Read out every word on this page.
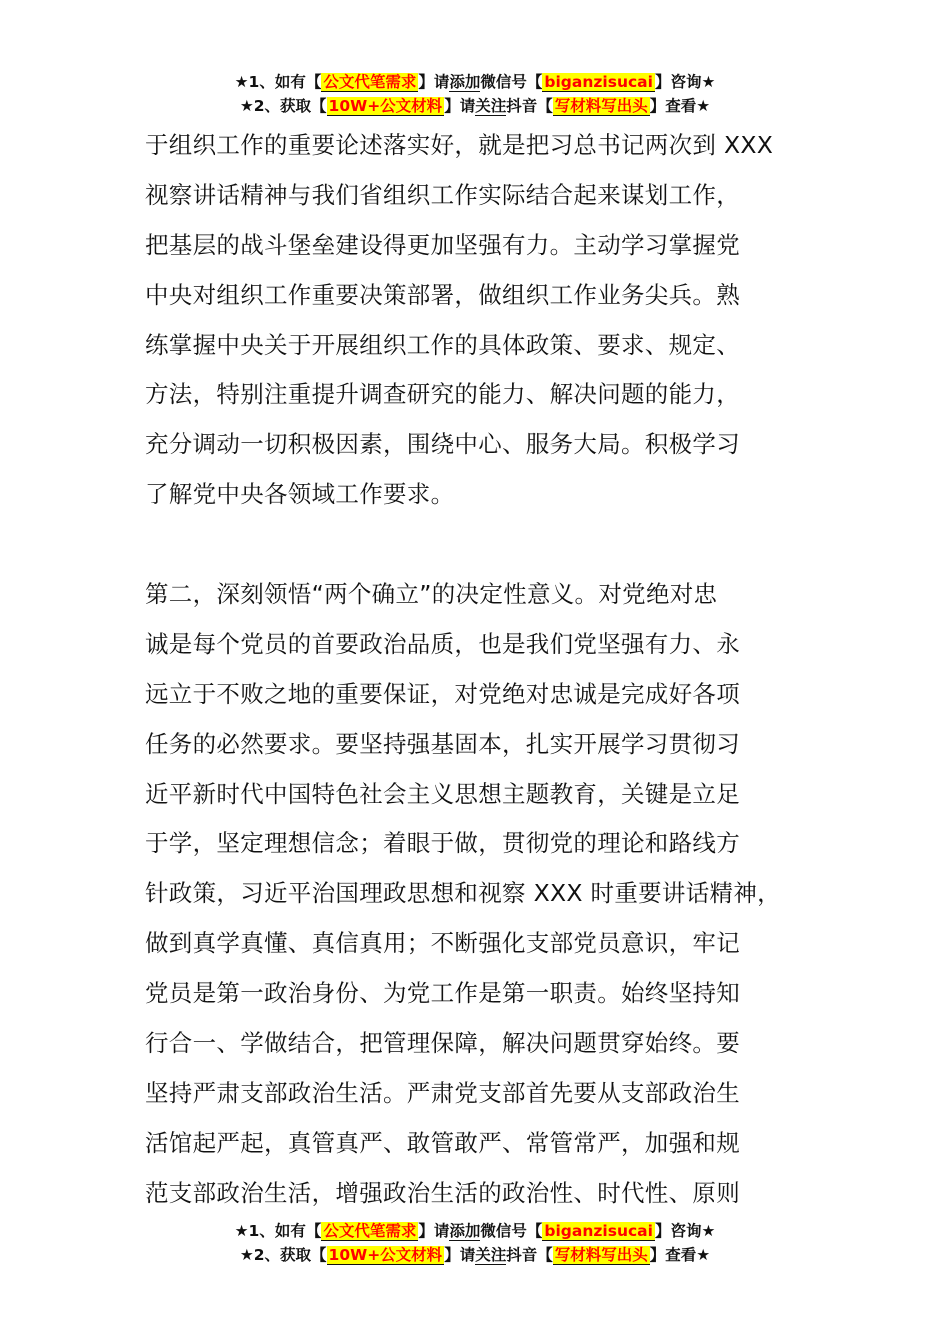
★1、如有【 公文代笔需求 】请添加微信号【 biganzisucai 】咨询★
★2、获取【 10W+公文材料 】请关注抖音【 写材料写出头 】查看★
于组织工作的重要论述落实好，就是把习总书记两次到 XXX
视察讲话精神与我们省组织工作实际结合起来谋划工作，
把基层的战斗堡垒建设得更加坚强有力。主动学习掌握党
中央对组织工作重要决策部署，做组织工作业务尖兵。熟
练掌握中央关于开展组织工作的具体政策、要求、规定、
方法，特别注重提升调查研究的能力、解决问题的能力，
充分调动一切积极因素，围绕中心、服务大局。积极学习
了解党中央各领域工作要求。
第二，深刻领悟“两个确立”的决定性意义。对党绝对忠
诚是每个党员的首要政治品质，也是我们党坚强有力、永
远立于不败之地的重要保证，对党绝对忠诚是完成好各项
任务的必然要求。要坚持强基固本，扎实开展学习贯彻习
近平新时代中国特色社会主义思想主题教育，关键是立足
于学，坚定理想信念；着眼于做，贯彻党的理论和路线方
针政策，习近平治国理政思想和视察 XXX 时重要讲话精神，
做到真学真懂、真信真用；不断强化支部党员意识，牢记
党员是第一政治身份、为党工作是第一职责。始终坚持知
行合一、学做结合，把管理保障，解决问题贯穿始终。要
坚持严肃支部政治生活。严肃党支部首先要从支部政治生
活馆起严起，真管真严、敢管敢严、常管常严，加强和规
范支部政治生活，增强政治生活的政治性、时代性、原则
★1、如有【 公文代笔需求 】请添加微信号【 biganzisucai 】咨询★
★2、获取【 10W+公文材料 】请关注抖音【 写材料写出头 】查看★
